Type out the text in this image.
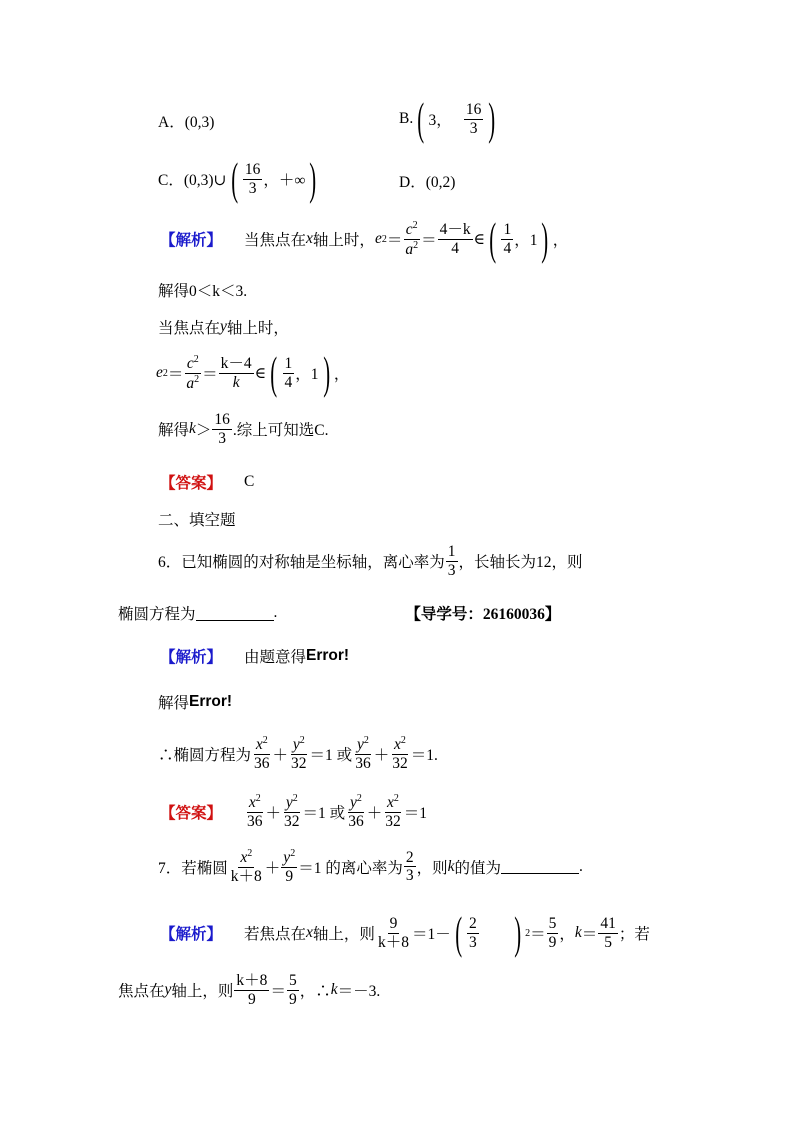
A．(0,3)	B. ( 3， $\frac{16}{3}$ )
C．(0,3)∪ ( $\frac{16}{3}$ ，＋∞ )	D．(0,2)
【解析】 当焦点在 x 轴上时， e 2 ＝
$c^2$
$a^2 = \frac{4-k}{4}$ ∈ ( $\frac{1}{4}$ ，1 ) ，
解得0＜k＜3.
当焦点在 y 轴上时，
e 2 ＝
$c^2$
$a^2 = \frac{k-4}{k}$ ∈ ( $\frac{1}{4}$ ，1 ) ，
解得 $k > \frac{16}{3}$ .综上可知选C.
【答案】 C
二、填空题
6．已知椭圆的对称轴是坐标轴，离心率为 $\frac{1}{3}$ ，长轴长为12，则
椭圆方程为	.	【导学号：26160036】
【解析】 由题意得 Error!
解得 Error!
∴椭圆方程为
$x^2$
36 ＋
$y^2$
32 ＝1
或
$y^2$
36 ＋
$x^2$
32 ＝1.
【答案】
$x^2$
36 ＋
$y^2$
32 ＝1
或
$y^2$
36 ＋
$x^2$
32 ＝1
7．若椭圆
$x^2$
k＋8 ＋
$y^2$
9 ＝1 的离心率为 $\frac{2}{3}$ ，则 k 的值为	.
【解析】 若焦点在 x 轴上，则 $\frac{9}{k+8} =1-$ ( $\frac{2}{3}$ ) $2 = \frac{5}{9}$ ， $k = \frac{41}{5}$ ；若
焦点在 y 轴上，则 $\frac{k+8}{9} = \frac{5}{9}$ ，∴ k ＝－3.
